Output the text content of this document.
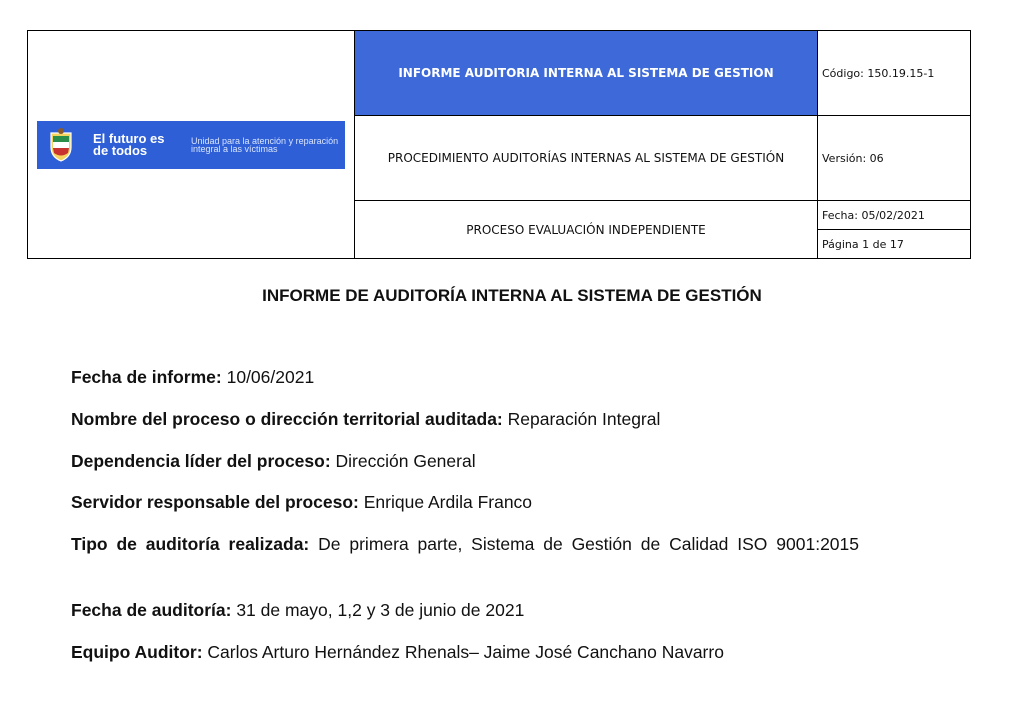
El futuro es de todos
Unidad para la atención y reparación integral a las víctimas	INFORME AUDITORIA INTERNA AL SISTEMA DE GESTION	Código: 150.19.15-1
	PROCEDIMIENTO AUDITORÍAS INTERNAS AL SISTEMA DE GESTIÓN	Versión: 06
	PROCESO EVALUACIÓN INDEPENDIENTE	Fecha: 05/02/2021
		Página 1 de 17
INFORME DE AUDITORÍA INTERNA AL SISTEMA DE GESTIÓN
Fecha de informe: 10/06/2021
Nombre del proceso o dirección territorial auditada: Reparación Integral
Dependencia líder del proceso: Dirección General
Servidor responsable del proceso: Enrique Ardila Franco
Tipo de auditoría realizada: De primera parte, Sistema de Gestión de Calidad ISO 9001:2015
Fecha de auditoría: 31 de mayo, 1,2 y 3 de junio de 2021
Equipo Auditor: Carlos Arturo Hernández Rhenals– Jaime José Canchano Navarro
